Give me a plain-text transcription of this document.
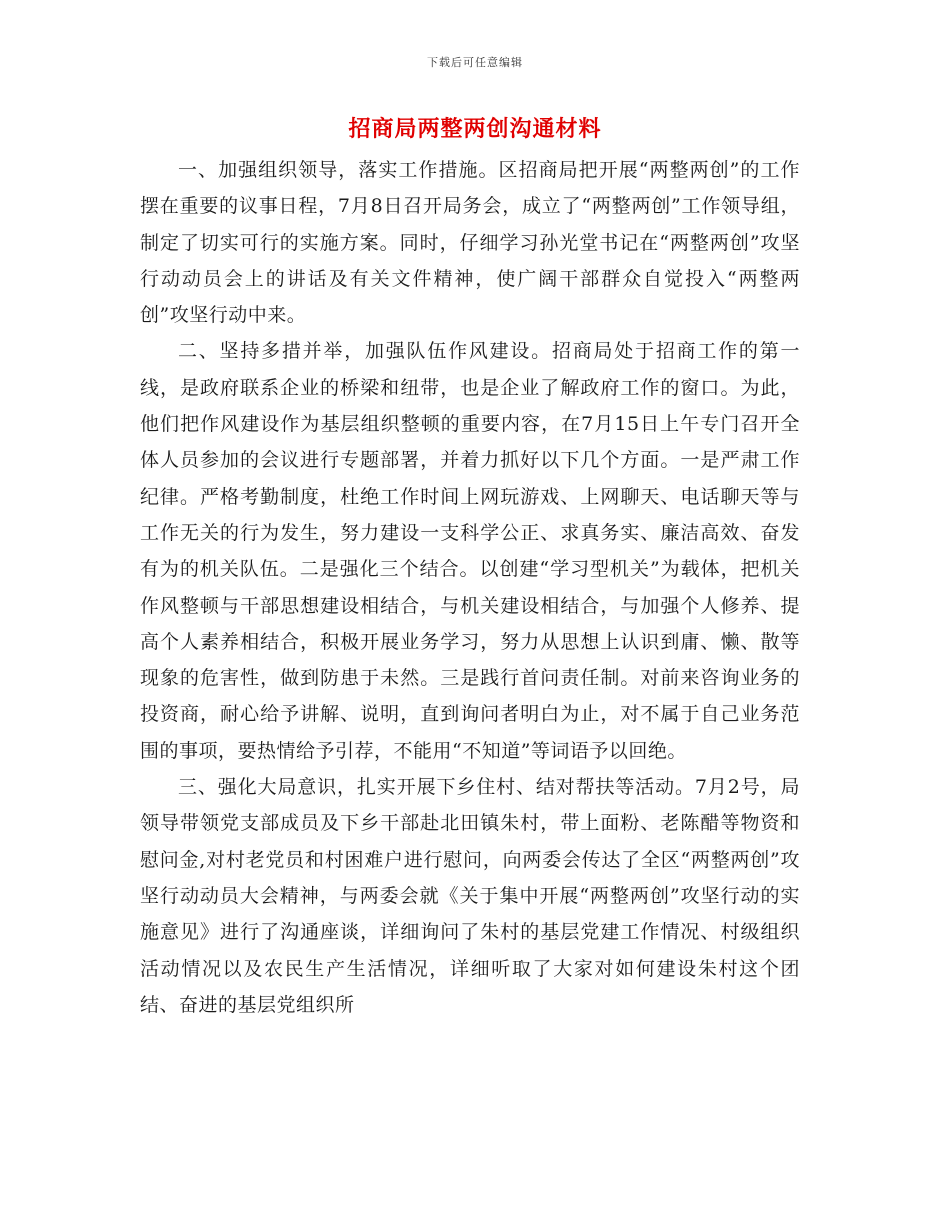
下载后可任意编辑
招商局两整两创沟通材料

一、加强组织领导，落实工作措施。区招商局把开展“两整两创”的工作摆在重要的议事日程，7月8日召开局务会，成立了“两整两创”工作领导组，制定了切实可行的实施方案。同时，仔细学习孙光堂书记在“两整两创”攻坚行动动员会上的讲话及有关文件精神，使广阔干部群众自觉投入“两整两创”攻坚行动中来。

二、坚持多措并举，加强队伍作风建设。招商局处于招商工作的第一线，是政府联系企业的桥梁和纽带，也是企业了解政府工作的窗口。为此，他们把作风建设作为基层组织整顿的重要内容，在7月15日上午专门召开全体人员参加的会议进行专题部署，并着力抓好以下几个方面。一是严肃工作纪律。严格考勤制度，杜绝工作时间上网玩游戏、上网聊天、电话聊天等与工作无关的行为发生，努力建设一支科学公正、求真务实、廉洁高效、奋发有为的机关队伍。二是强化三个结合。以创建“学习型机关”为载体，把机关作风整顿与干部思想建设相结合，与机关建设相结合，与加强个人修养、提高个人素养相结合，积极开展业务学习，努力从思想上认识到庸、懒、散等现象的危害性，做到防患于未然。三是践行首问责任制。对前来咨询业务的投资商，耐心给予讲解、说明，直到询问者明白为止，对不属于自己业务范围的事项，要热情给予引荐，不能用“不知道”等词语予以回绝。

三、强化大局意识，扎实开展下乡住村、结对帮扶等活动。7月2号，局领导带领党支部成员及下乡干部赴北田镇朱村，带上面粉、老陈醋等物资和慰问金,对村老党员和村困难户进行慰问，向两委会传达了全区“两整两创”攻坚行动动员大会精神，与两委会就《关于集中开展“两整两创”攻坚行动的实施意见》进行了沟通座谈，详细询问了朱村的基层党建工作情况、村级组织活动情况以及农民生产生活情况，详细听取了大家对如何建设朱村这个团结、奋进的基层党组织所
